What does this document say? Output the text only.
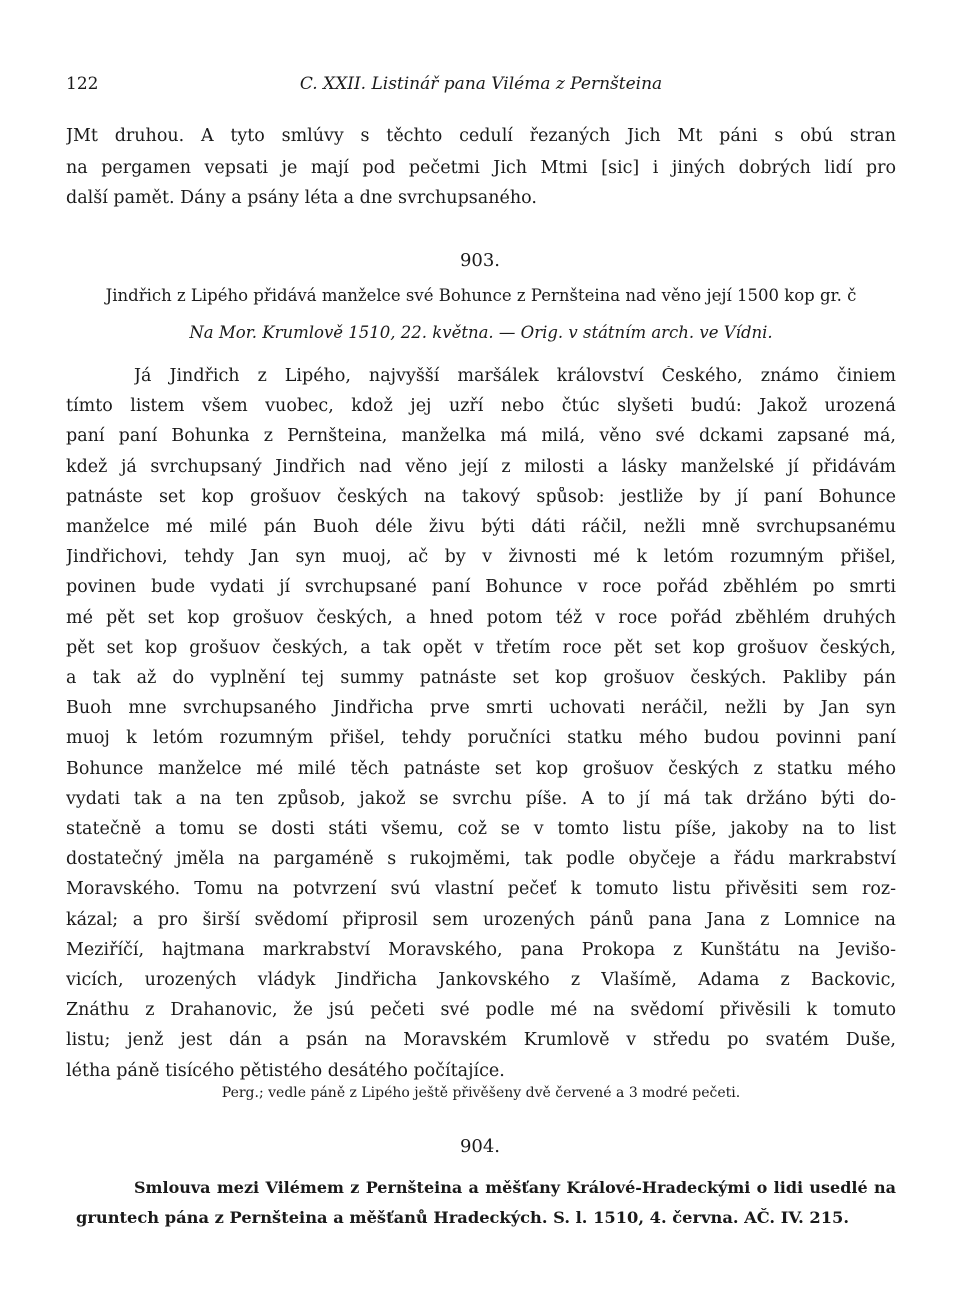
122	C. XXII. Listinář pana Viléma z Pernšteina
JMt druhou. A tyto smlúvy s těchto cedulí řezaných Jich Mt páni s obú stran
na pergamen vepsati je mají pod pečetmi Jich Mtmi [sic] i jiných dobrých lidí pro
další pamět. Dány a psány léta a dne svrchupsaného.
903.
Jindřich z Lipého přidává manželce své Bohunce z Pernšteina nad věno její 1500 kop gr. č
Na Mor. Krumlově 1510, 22. května. — Orig. v státním arch. ve Vídni.
Já Jindřich z Lipého, najvyšší maršálek království Českého, známo činiem
tímto listem všem vuobec, kdož jej uzří nebo čtúc slyšeti budú: Jakož urozená
paní paní Bohunka z Pernšteina, manželka má milá, věno své dckami zapsané má,
kdež já svrchupsaný Jindřich nad věno její z milosti a lásky manželské jí přidávám
patnáste set kop grošuov českých na takový spůsob: jestliže by jí paní Bohunce
manželce mé milé pán Buoh déle živu býti dáti ráčil, nežli mně svrchupsanému
Jindřichovi, tehdy Jan syn muoj, ač by v živnosti mé k letóm rozumným přišel,
povinen bude vydati jí svrchupsané paní Bohunce v roce pořád zběhlém po smrti
mé pět set kop grošuov českých, a hned potom též v roce pořád zběhlém druhých
pět set kop grošuov českých, a tak opět v třetím roce pět set kop grošuov českých,
a tak až do vyplnění tej summy patnáste set kop grošuov českých. Pakliby pán
Buoh mne svrchupsaného Jindřicha prve smrti uchovati neráčil, nežli by Jan syn
muoj k letóm rozumným přišel, tehdy poručníci statku mého budou povinni paní
Bohunce manželce mé milé těch patnáste set kop grošuov českých z statku mého
vydati tak a na ten způsob, jakož se svrchu píše. A to jí má tak držáno býti do-
statečně a tomu se dosti státi všemu, což se v tomto listu píše, jakoby na to list
dostatečný jměla na pargaméně s rukojměmi, tak podle obyčeje a řádu markrabství
Moravského. Tomu na potvrzení svú vlastní pečeť k tomuto listu přivěsiti sem roz-
kázal; a pro širší svědomí připrosil sem urozených pánů pana Jana z Lomnice na
Meziříčí, hajtmana markrabství Moravského, pana Prokopa z Kunštátu na Jevišo-
vicích, urozených vládyk Jindřicha Jankovského z Vlašímě, Adama z Backovic,
Znáthu z Drahanovic, že jsú pečeti své podle mé na svědomí přivěsili k tomuto
listu; jenž jest dán a psán na Moravském Krumlově v středu po svatém Duše,
létha páně tisícého pětistého desátého počítajíce.
Perg.; vedle páně z Lipého ještě přivěšeny dvě červené a 3 modré pečeti.
904.
Smlouva mezi Vilémem z Pernšteina a měšťany Králové-Hradeckými o lidi usedlé na
gruntech pána z Pernšteina a měšťanů Hradeckých. S. l. 1510, 4. června. AČ. IV. 215.
